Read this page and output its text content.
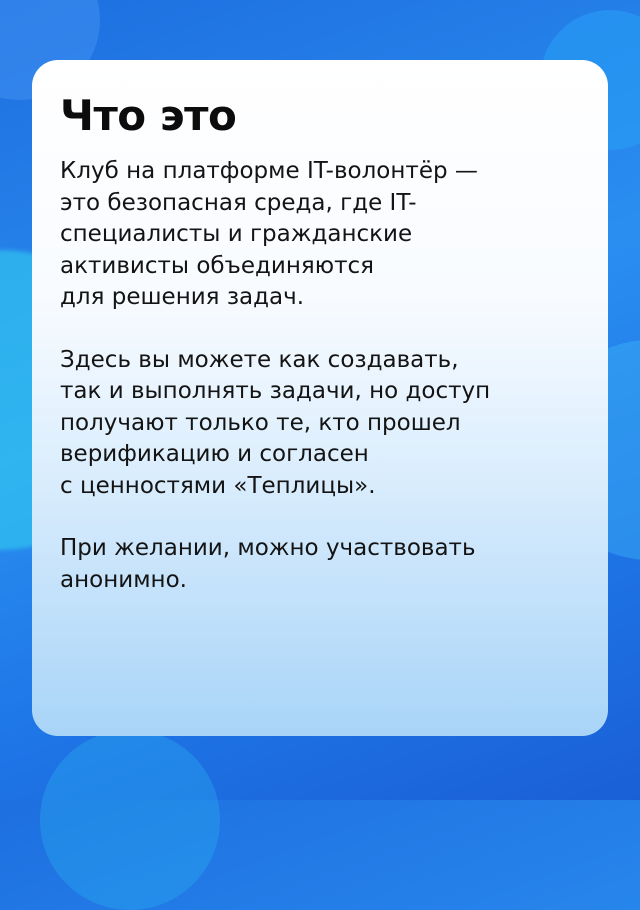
Что это

Клуб на платформе IT-волонтёр —
это безопасная среда, где IT-
специалисты и гражданские
активисты объединяются
для решения задач.

Здесь вы можете как создавать,
так и выполнять задачи, но доступ
получают только те, кто прошел
верификацию и согласен
с ценностями «Теплицы».

При желании, можно участвовать
анонимно.
